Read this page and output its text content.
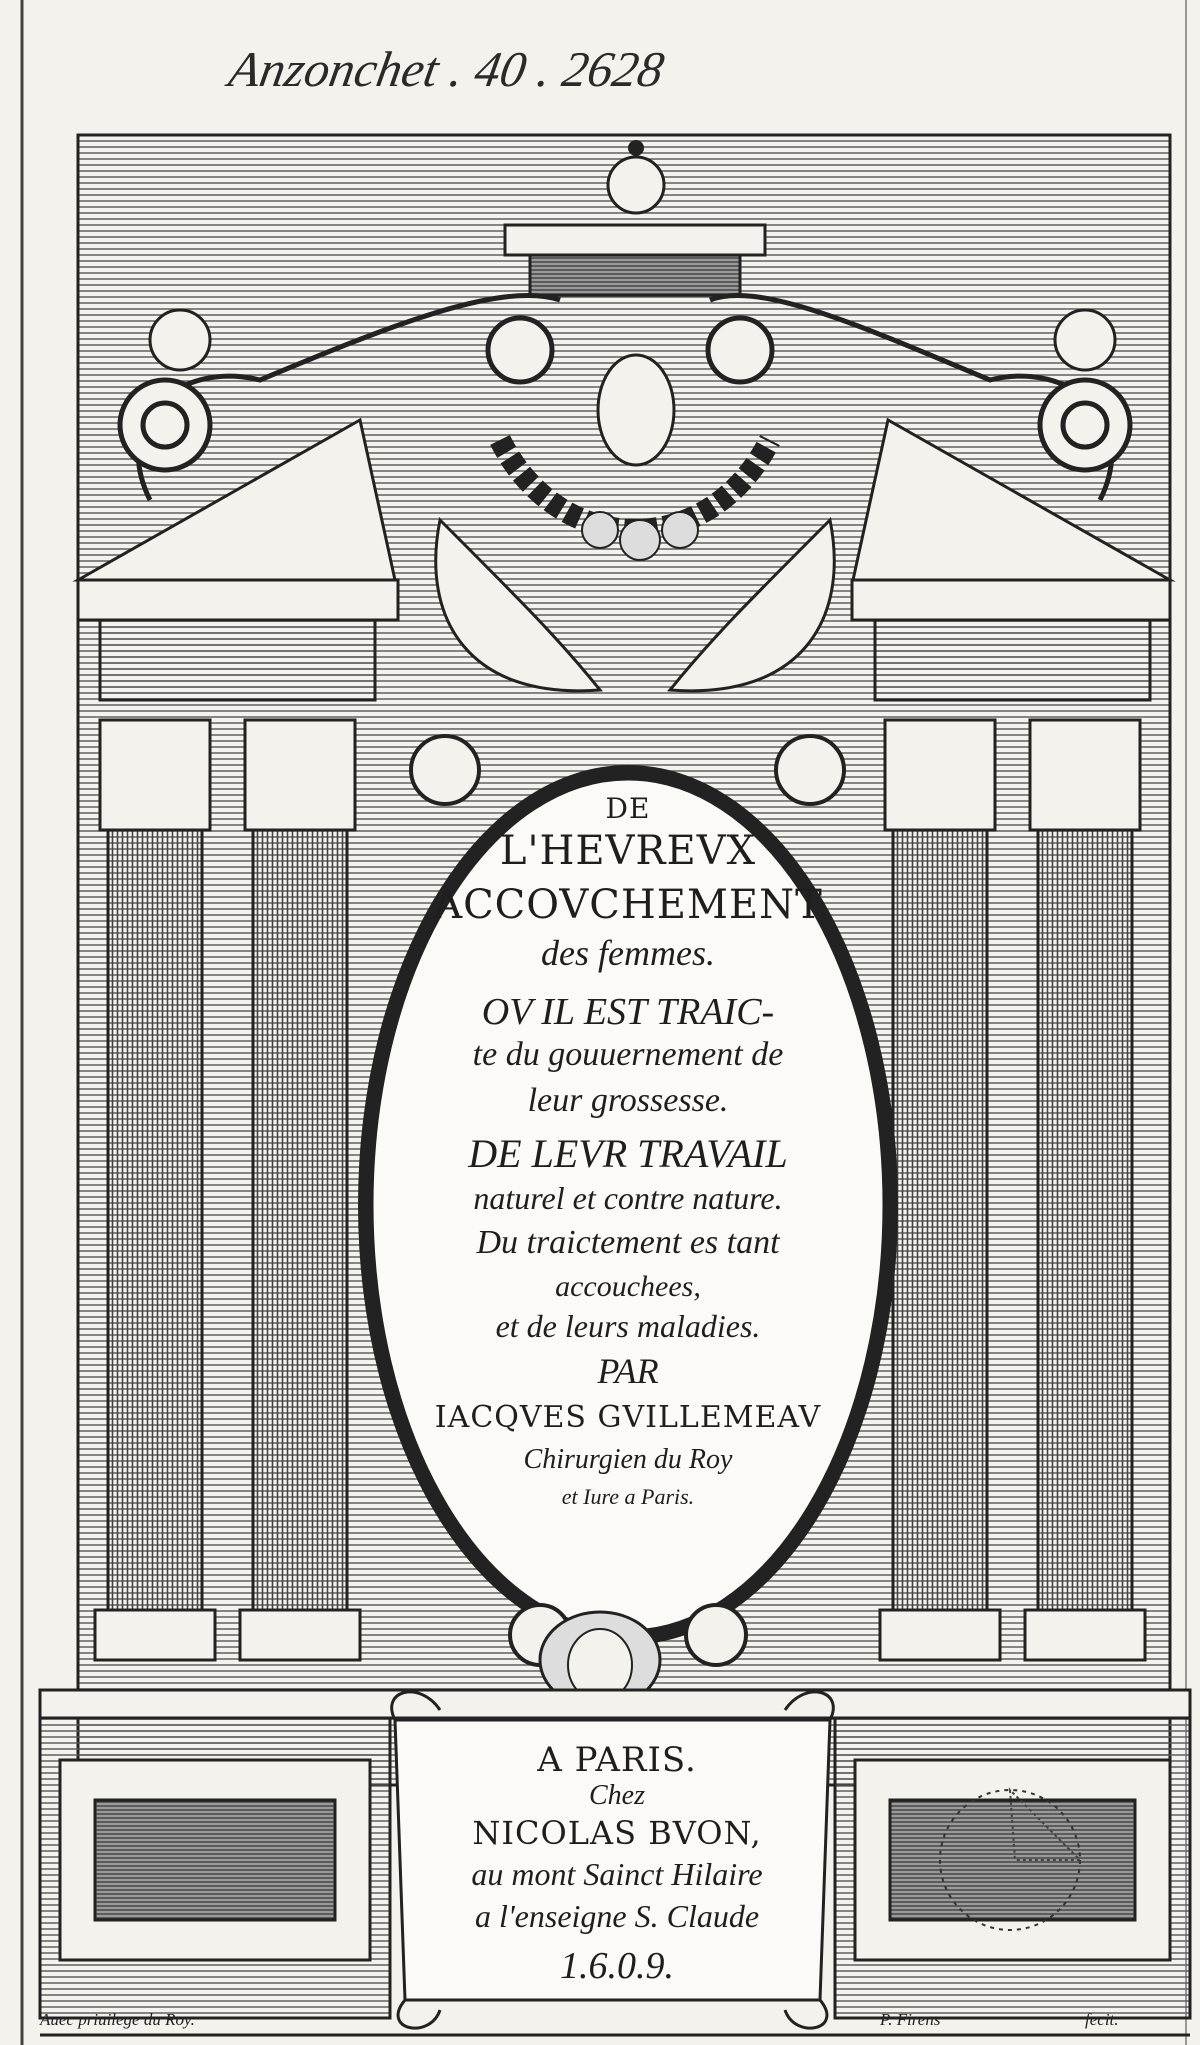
Anzonchet . 40 . 2628
DE
L'HEVREVX
ACCOVCHEMENT
des femmes.
OV IL EST TRAIC-
te du gouuernement de
leur grossesse.
DE LEVR TRAVAIL
naturel et contre nature.
Du traictement es tant
accouchees,
et de leurs maladies.
PAR
IACQVES GVILLEMEAV
Chirurgien du Roy
et Iure a Paris.
A PARIS.
Chez
NICOLAS BVON,
au mont Sainct Hilaire
a l'enseigne S. Claude
1.6.0.9.
Auec priuilege du Roy.	P. Firens	fecit.
